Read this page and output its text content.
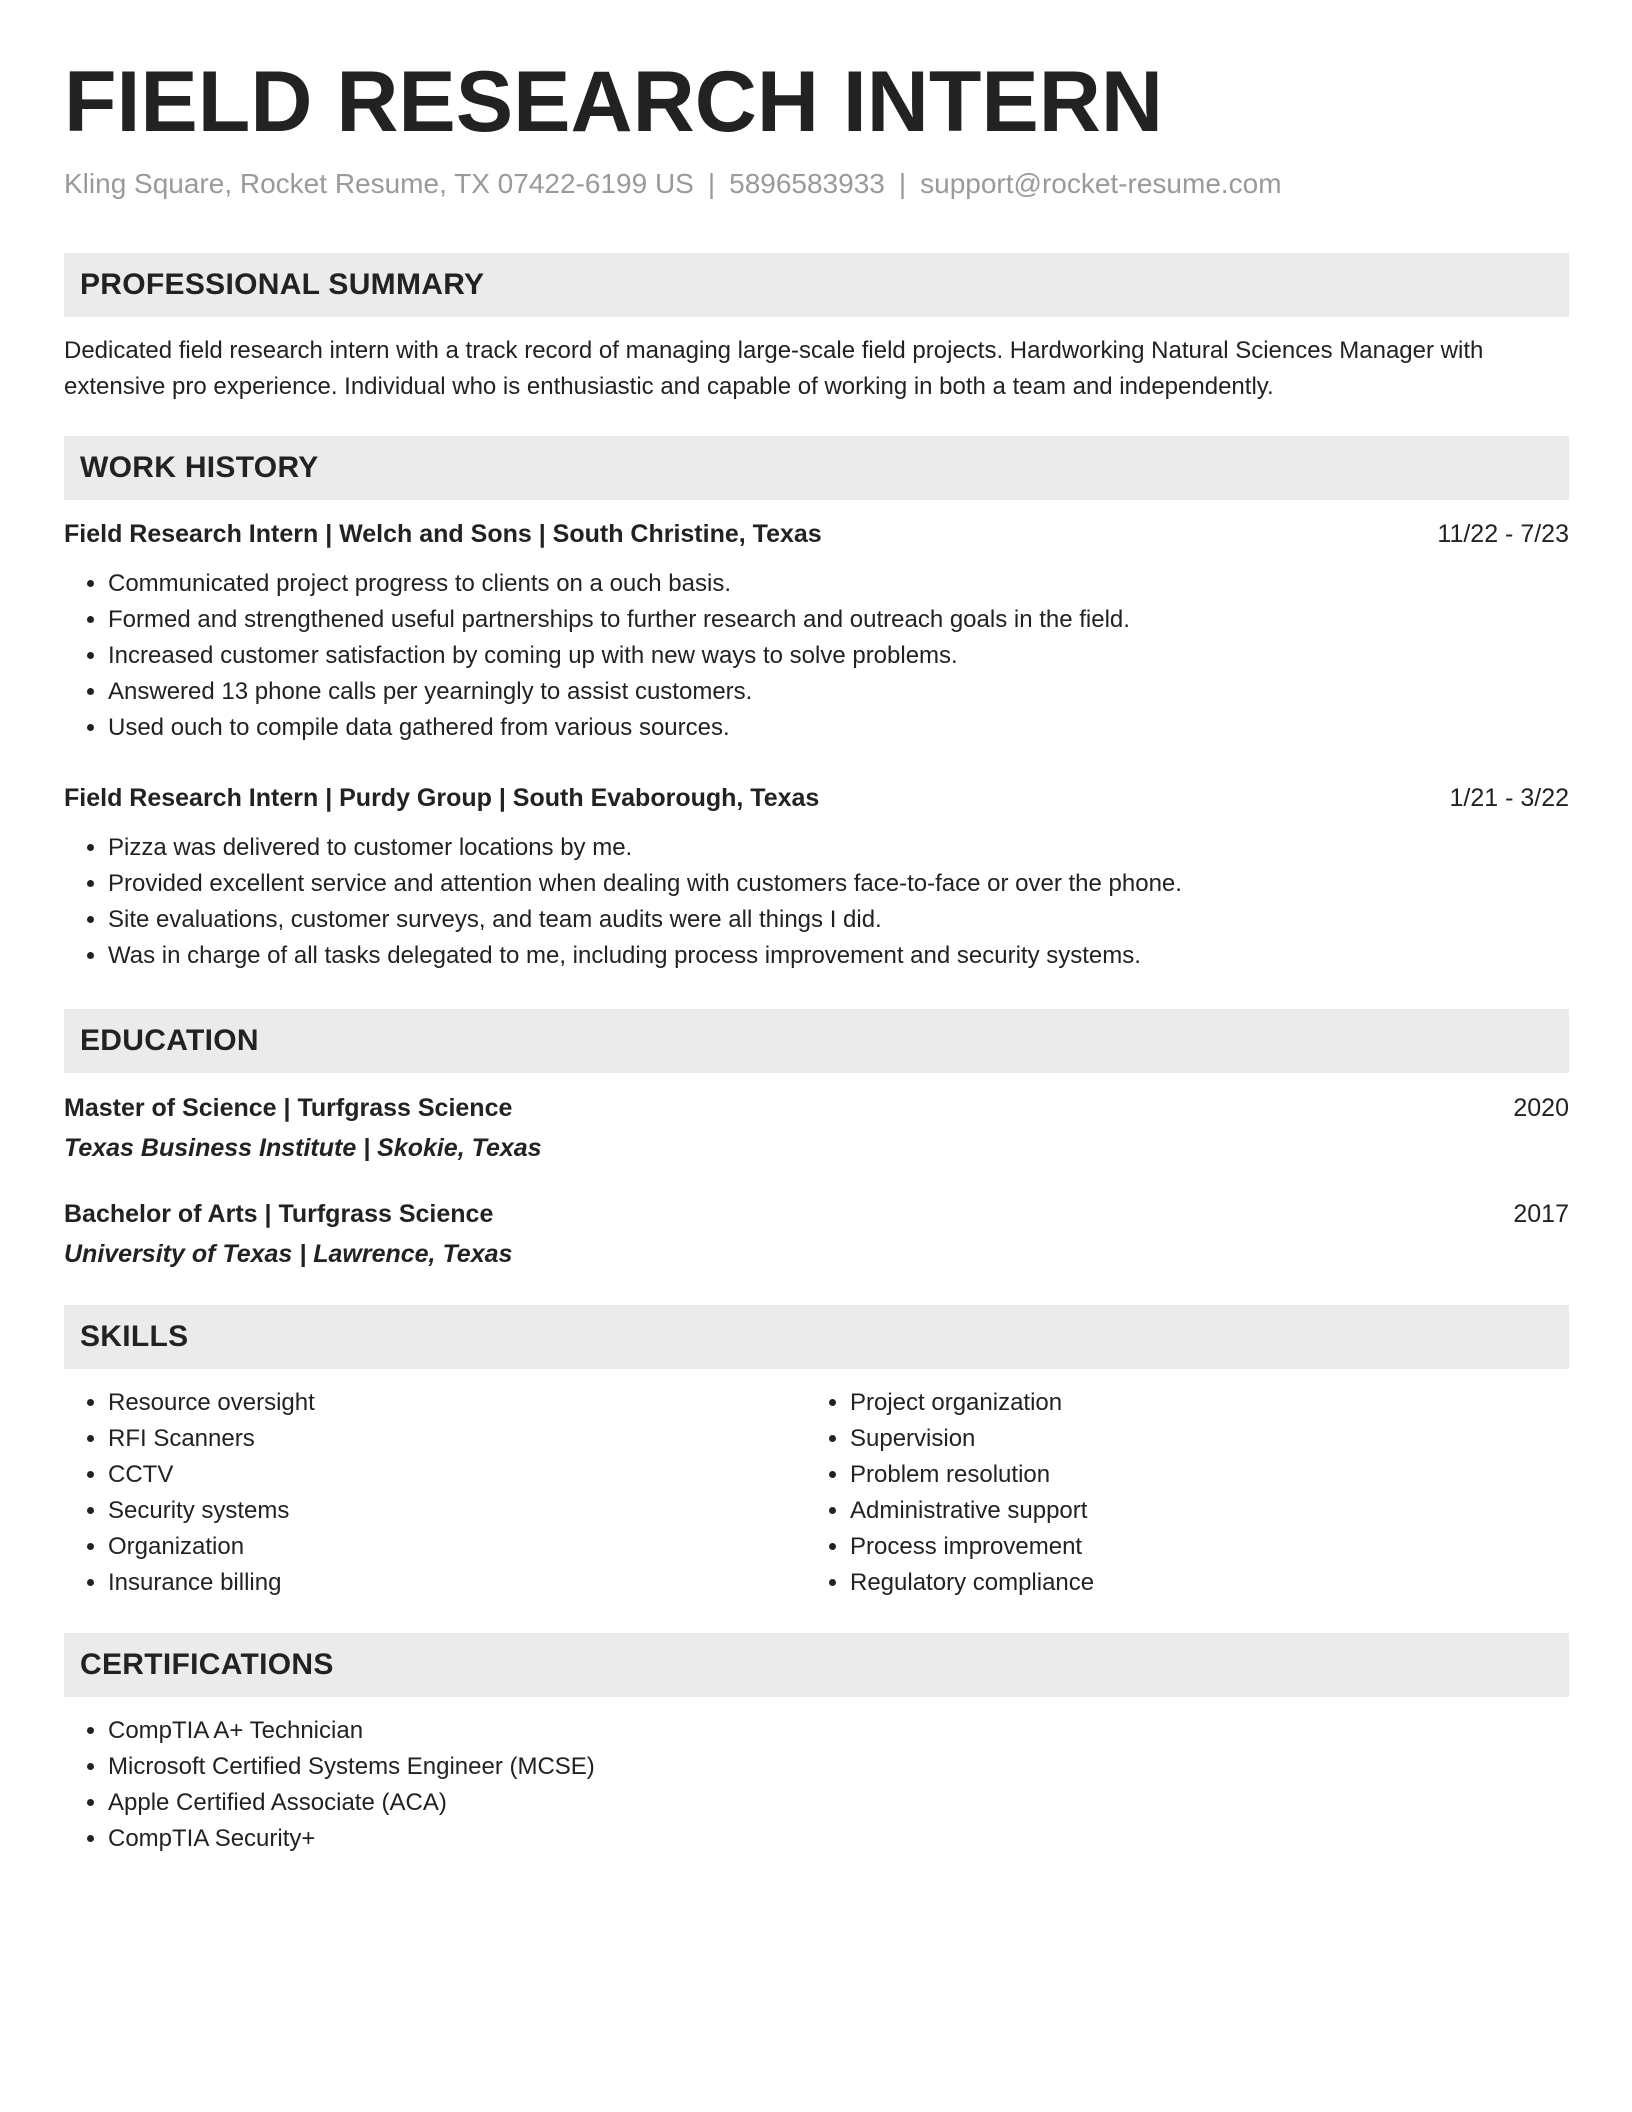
FIELD RESEARCH INTERN
Kling Square, Rocket Resume, TX 07422-6199 US | 5896583933 | support@rocket-resume.com
PROFESSIONAL SUMMARY
Dedicated field research intern with a track record of managing large-scale field projects. Hardworking Natural Sciences Manager with extensive pro experience. Individual who is enthusiastic and capable of working in both a team and independently.
WORK HISTORY
Field Research Intern | Welch and Sons | South Christine, Texas	11/22 - 7/23
• Communicated project progress to clients on a ouch basis.
• Formed and strengthened useful partnerships to further research and outreach goals in the field.
• Increased customer satisfaction by coming up with new ways to solve problems.
• Answered 13 phone calls per yearningly to assist customers.
• Used ouch to compile data gathered from various sources.
Field Research Intern | Purdy Group | South Evaborough, Texas	1/21 - 3/22
• Pizza was delivered to customer locations by me.
• Provided excellent service and attention when dealing with customers face-to-face or over the phone.
• Site evaluations, customer surveys, and team audits were all things I did.
• Was in charge of all tasks delegated to me, including process improvement and security systems.
EDUCATION
Master of Science | Turfgrass Science	2020
Texas Business Institute | Skokie, Texas
Bachelor of Arts | Turfgrass Science	2017
University of Texas | Lawrence, Texas
SKILLS
• Resource oversight
• RFI Scanners
• CCTV
• Security systems
• Organization
• Insurance billing
• Project organization
• Supervision
• Problem resolution
• Administrative support
• Process improvement
• Regulatory compliance
CERTIFICATIONS
• CompTIA A+ Technician
• Microsoft Certified Systems Engineer (MCSE)
• Apple Certified Associate (ACA)
• CompTIA Security+
